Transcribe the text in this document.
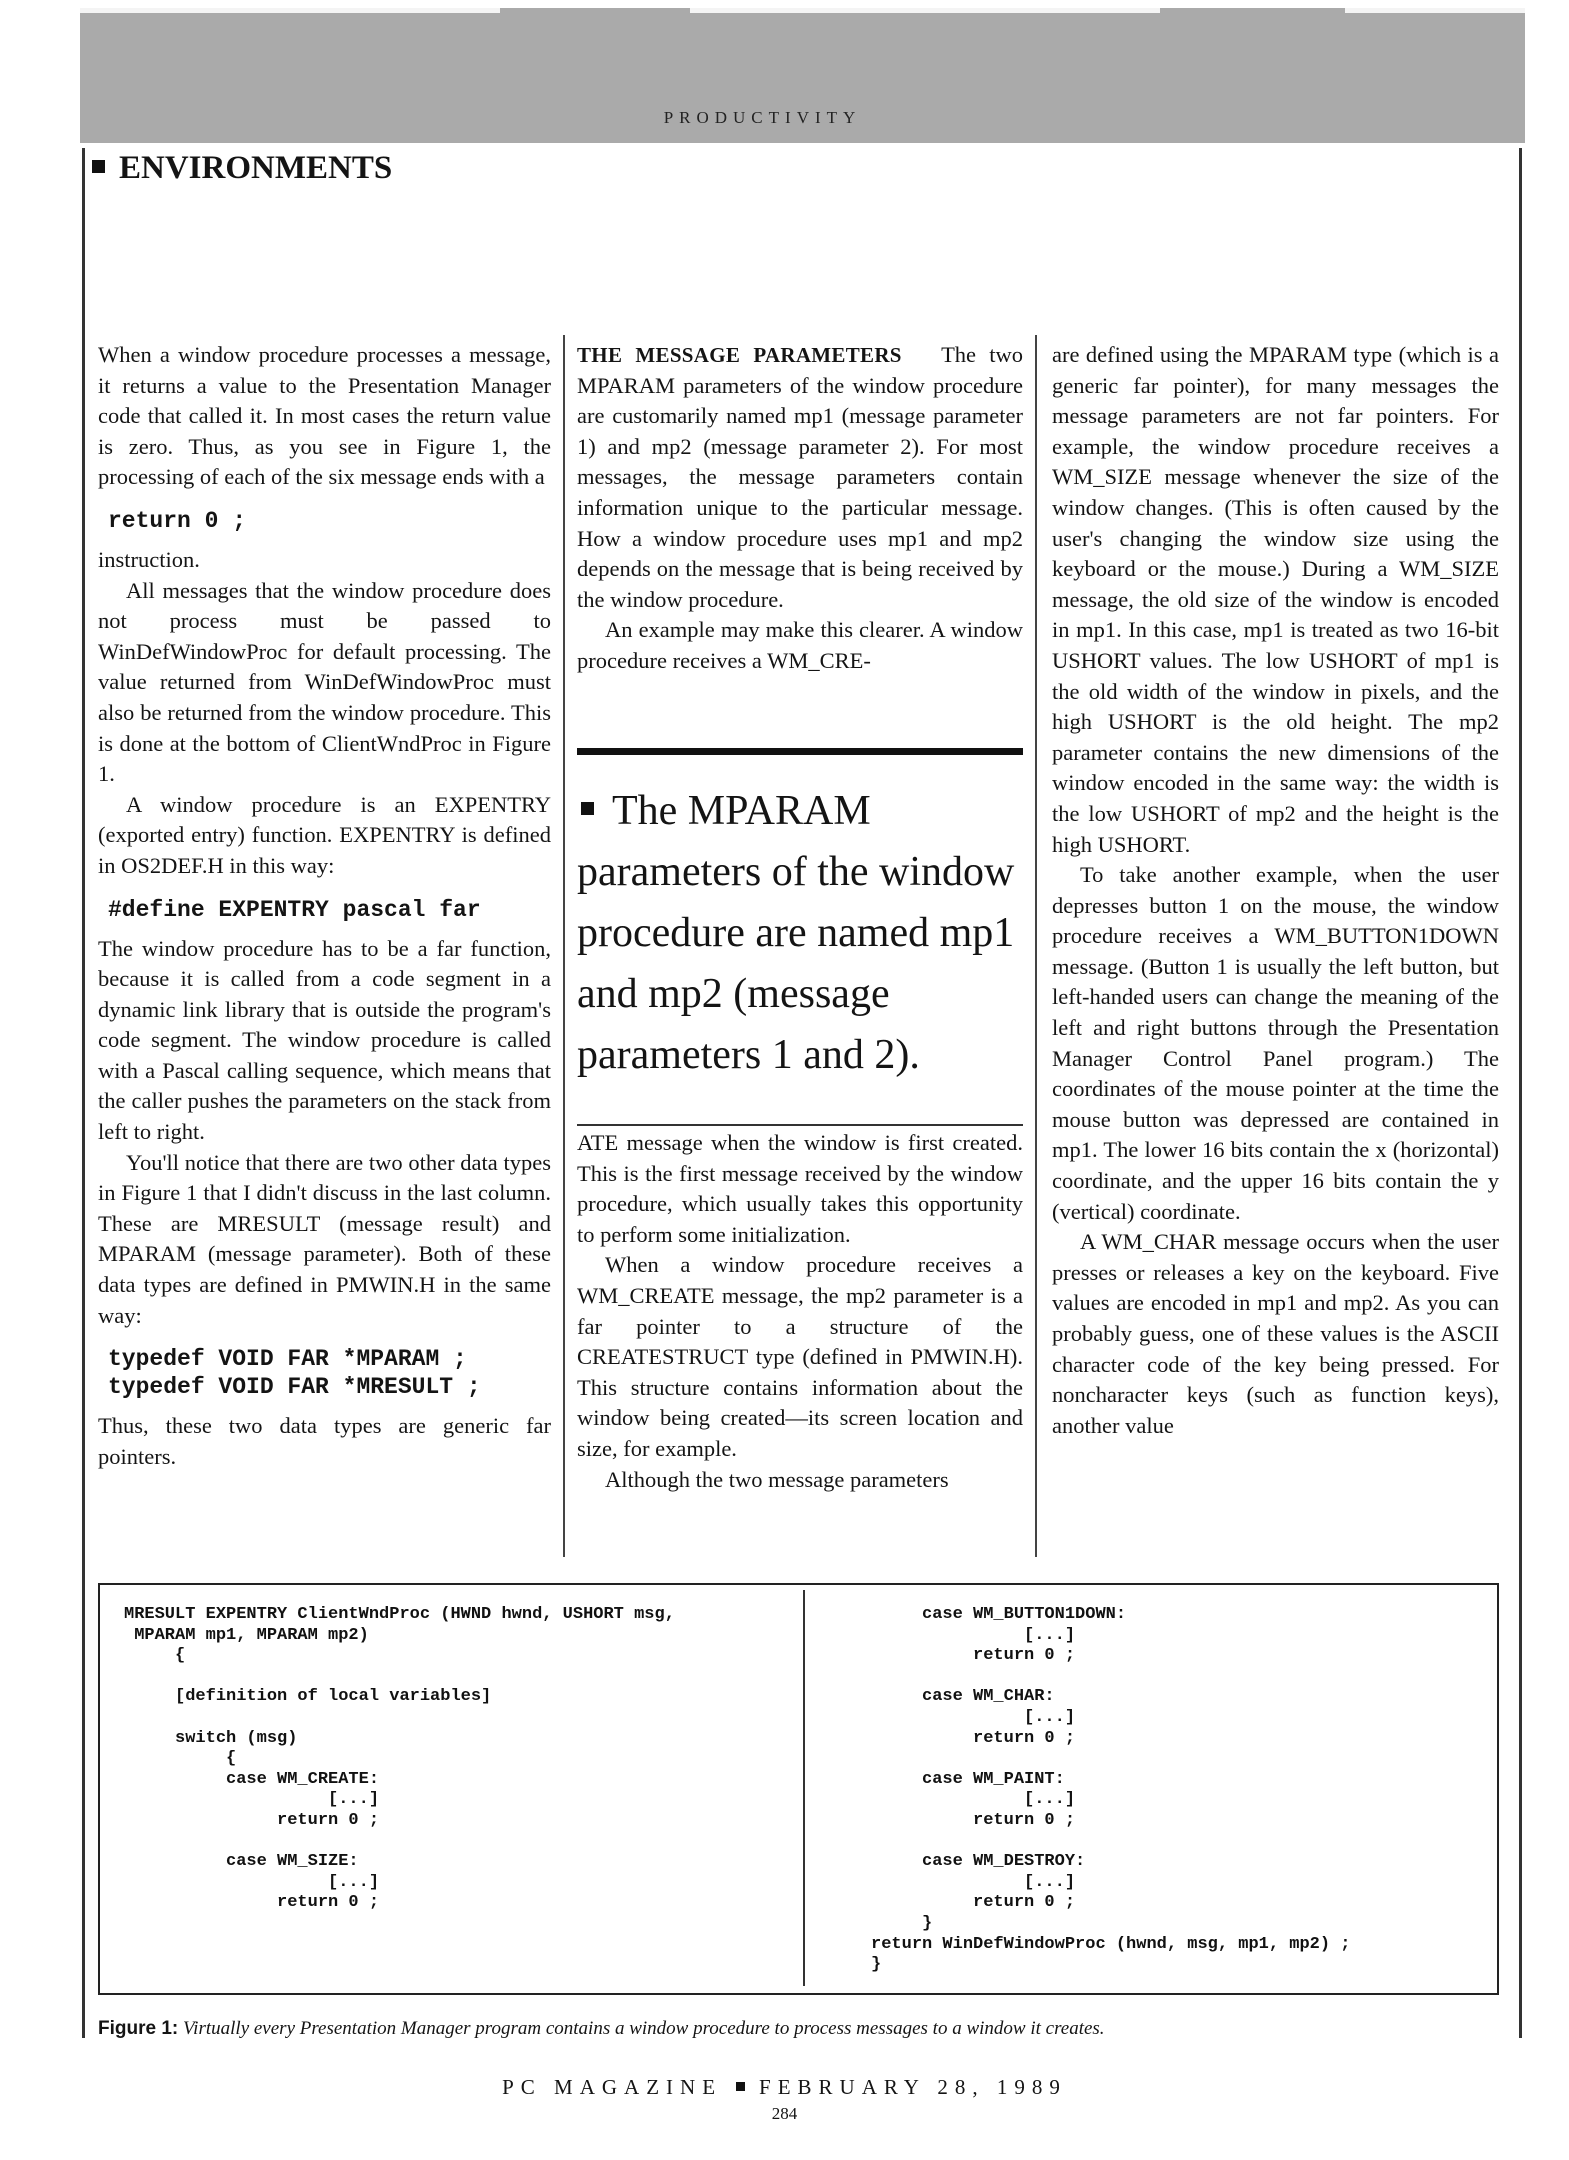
PRODUCTIVITY
ENVIRONMENTS

When a window procedure processes a message, it returns a value to the Presentation Manager code that called it. In most cases the return value is zero. Thus, as you see in Figure 1, the processing of each of the six message ends with a

return 0 ;

instruction.

All messages that the window procedure does not process must be passed to WinDefWindowProc for default processing. The value returned from WinDefWindowProc must also be returned from the window procedure. This is done at the bottom of ClientWndProc in Figure 1.

A window procedure is an EXPENTRY (exported entry) function. EXPENTRY is defined in OS2DEF.H in this way:

#define EXPENTRY pascal far

The window procedure has to be a far function, because it is called from a code segment in a dynamic link library that is outside the program's code segment. The window procedure is called with a Pascal calling sequence, which means that the caller pushes the parameters on the stack from left to right.

You'll notice that there are two other data types in Figure 1 that I didn't discuss in the last column. These are MRESULT (message result) and MPARAM (message parameter). Both of these data types are defined in PMWIN.H in the same way:

typedef VOID FAR *MPARAM ;
typedef VOID FAR *MRESULT ;

Thus, these two data types are generic far pointers.

THE MESSAGE PARAMETERS The two MPARAM parameters of the window procedure are customarily named mp1 (message parameter 1) and mp2 (message parameter 2). For most messages, the message parameters contain information unique to the particular message. How a window procedure uses mp1 and mp2 depends on the message that is being received by the window procedure.

An example may make this clearer. A window procedure receives a WM_CRE-

The MPARAM parameters of the window procedure are named mp1 and mp2 (message parameters 1 and 2).

ATE message when the window is first created. This is the first message received by the window procedure, which usually takes this opportunity to perform some initialization.

When a window procedure receives a WM_CREATE message, the mp2 parameter is a far pointer to a structure of the CREATESTRUCT type (defined in PMWIN.H). This structure contains information about the window being created—its screen location and size, for example.

Although the two message parameters

are defined using the MPARAM type (which is a generic far pointer), for many messages the message parameters are not far pointers. For example, the window procedure receives a WM_SIZE message whenever the size of the window changes. (This is often caused by the user's changing the window size using the keyboard or the mouse.) During a WM_SIZE message, the old size of the window is encoded in mp1. In this case, mp1 is treated as two 16-bit USHORT values. The low USHORT of mp1 is the old width of the window in pixels, and the high USHORT is the old height. The mp2 parameter contains the new dimensions of the window encoded in the same way: the width is the low USHORT of mp2 and the height is the high USHORT.

To take another example, when the user depresses button 1 on the mouse, the window procedure receives a WM_BUTTON1DOWN message. (Button 1 is usually the left button, but left-handed users can change the meaning of the left and right buttons through the Presentation Manager Control Panel program.) The coordinates of the mouse pointer at the time the mouse button was depressed are contained in mp1. The lower 16 bits contain the x (horizontal) coordinate, and the upper 16 bits contain the y (vertical) coordinate.

A WM_CHAR message occurs when the user presses or releases a key on the keyboard. Five values are encoded in mp1 and mp2. As you can probably guess, one of these values is the ASCII character code of the key being pressed. For noncharacter keys (such as function keys), another value

MRESULT EXPENTRY ClientWndProc (HWND hwnd, USHORT msg,
MPARAM mp1, MPARAM mp2)
{

[definition of local variables]

switch (msg)
{
case WM_CREATE:
[...]
return 0 ;

case WM_SIZE:
[...]
return 0 ;
case WM_BUTTON1DOWN:
[...]
return 0 ;

case WM_CHAR:
[...]
return 0 ;

case WM_PAINT:
[...]
return 0 ;

case WM_DESTROY:
[...]
return 0 ;
}
return WinDefWindowProc (hwnd, msg, mp1, mp2) ;
}
Figure 1: Virtually every Presentation Manager program contains a window procedure to process messages to a window it creates.
PC MAGAZINE FEBRUARY 28, 1989
284
